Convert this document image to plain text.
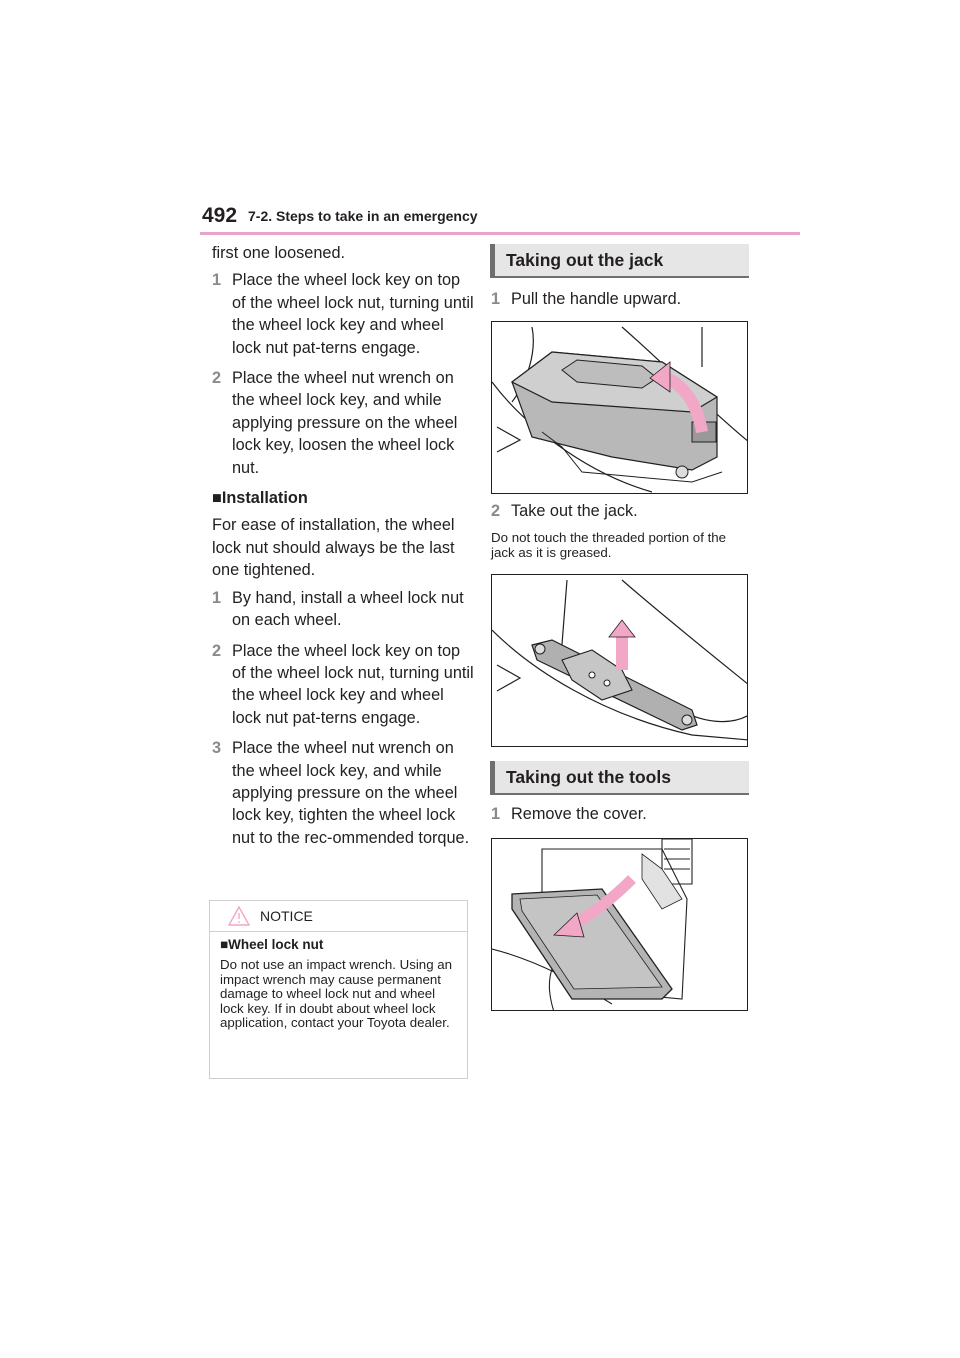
492 7-2. Steps to take in an emergency

first one loosened.

1 Place the wheel lock key on top of the wheel lock nut, turning until the wheel lock key and wheel lock nut pat-terns engage.
2 Place the wheel nut wrench on the wheel lock key, and while applying pressure on the wheel lock key, loosen the wheel lock nut.
■Installation

For ease of installation, the wheel lock nut should always be the last one tightened.

1 By hand, install a wheel lock nut on each wheel.
2 Place the wheel lock key on top of the wheel lock nut, turning until the wheel lock key and wheel lock nut pat-terns engage.
3 Place the wheel nut wrench on the wheel lock key, and while applying pressure on the wheel lock key, tighten the wheel lock nut to the rec-ommended torque.
NOTICE
■Wheel lock nut
Do not use an impact wrench. Using an impact wrench may cause permanent damage to wheel lock nut and wheel lock key. If in doubt about wheel lock application, contact your Toyota dealer.
Taking out the jack
1 Pull the handle upward.
2 Take out the jack.
Do not touch the threaded portion of the jack as it is greased.
Taking out the tools
1 Remove the cover.
